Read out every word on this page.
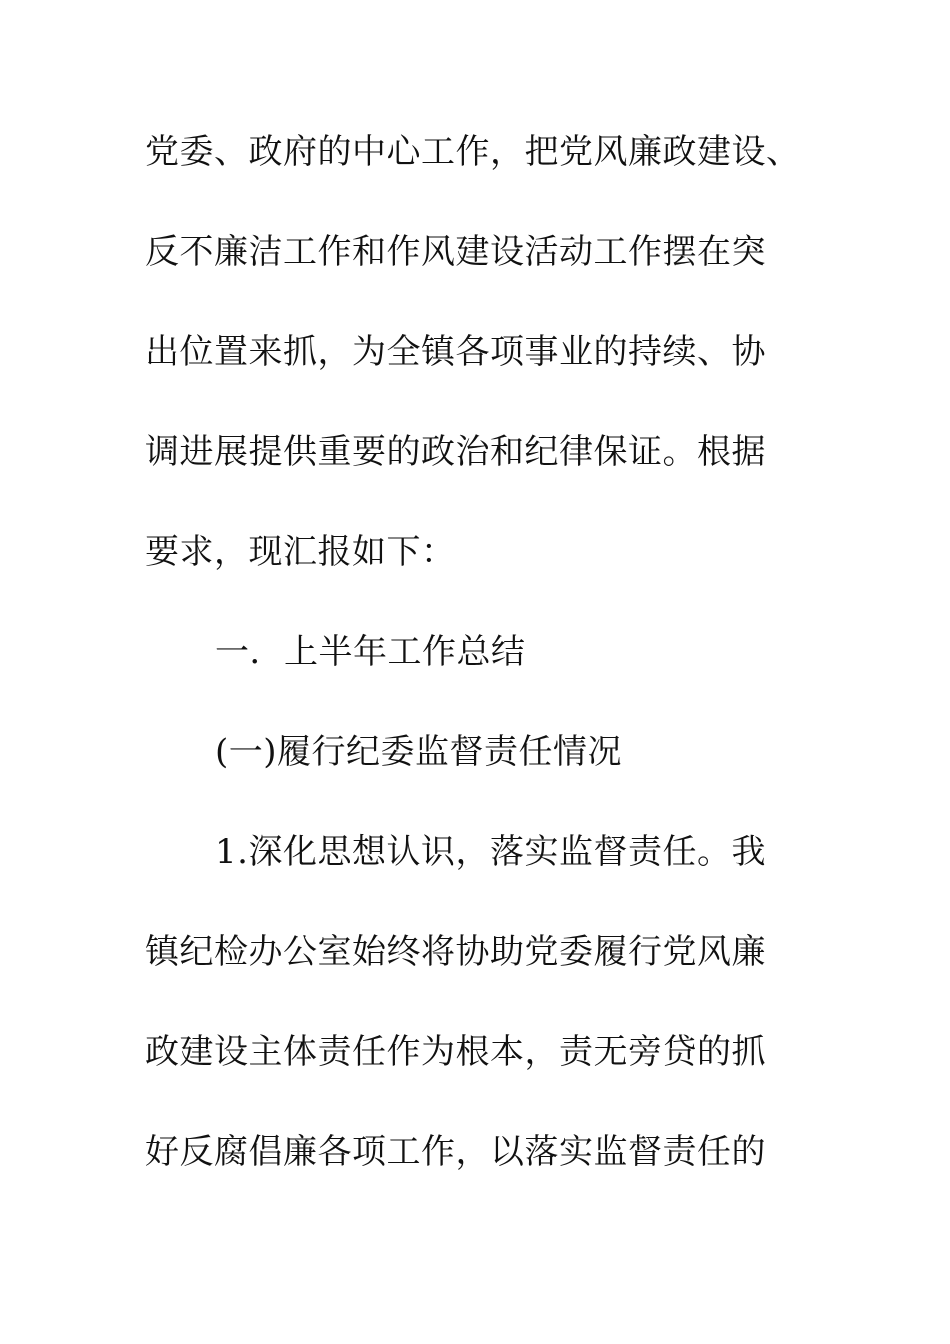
党委、政府的中心工作，把党风廉政建设、
反不廉洁工作和作风建设活动工作摆在突
出位置来抓，为全镇各项事业的持续、协
调进展提供重要的政治和纪律保证。根据
要求，现汇报如下：
一．上半年工作总结
(一)履行纪委监督责任情况
1.深化思想认识，落实监督责任。我
镇纪检办公室始终将协助党委履行党风廉
政建设主体责任作为根本，责无旁贷的抓
好反腐倡廉各项工作，以落实监督责任的
